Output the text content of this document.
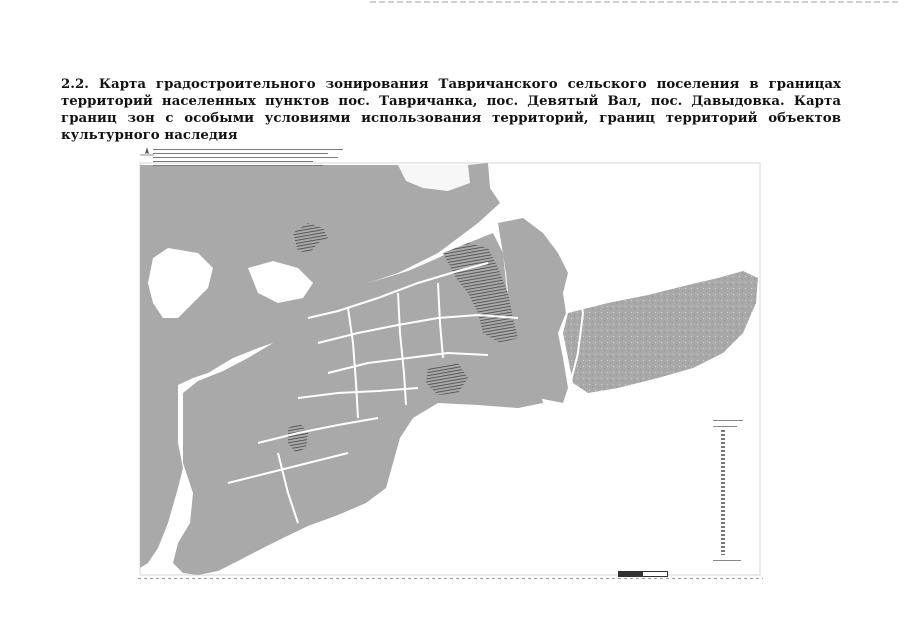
2.2. Карта градостроительного зонирования Тавричанского сельского поселения в границах территорий населенных пунктов пос. Тавричанка, пос. Девятый Вал, пос. Давыдовка. Карта границ зон с особыми условиями использования территорий, границ территорий объектов культурного наследия
